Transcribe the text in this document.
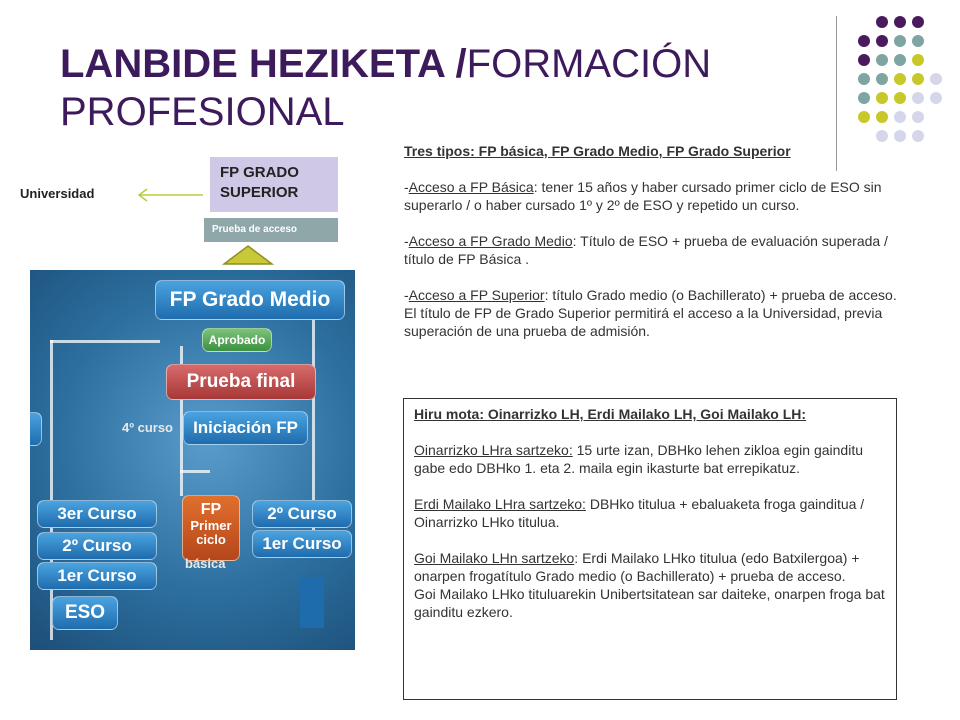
LANBIDE HEZIKETA /FORMACIÓN PROFESIONAL
Universidad
FP GRADO SUPERIOR
Prueba de acceso
FP Grado Medio
Aprobado
Prueba final
Iniciación FP
FP
Primer
ciclo
3er Curso
2º Curso
1er Curso
2º Curso
1er Curso
ESO
4º curso
básica

Tres tipos: FP básica, FP Grado Medio, FP Grado Superior

-Acceso a FP Básica: tener 15 años y haber cursado primer ciclo de ESO sin superarlo / o haber cursado 1º y 2º de ESO y repetido un curso.

-Acceso a FP Grado Medio: Título de ESO + prueba de evaluación superada / título de FP Básica .

-Acceso a FP Superior: título Grado medio (o Bachillerato) + prueba de acceso.

El título de FP de Grado Superior permitirá el acceso a la Universidad, previa superación de una prueba de admisión.

Hiru mota: Oinarrizko LH, Erdi Mailako LH, Goi Mailako LH:

Oinarrizko LHra sartzeko: 15 urte izan, DBHko lehen zikloa egin gainditu gabe edo DBHko 1. eta 2. maila egin ikasturte bat errepikatuz.

Erdi Mailako LHra sartzeko: DBHko titulua + ebaluaketa froga gainditua / Oinarrizko LHko titulua.

Goi Mailako LHn sartzeko: Erdi Mailako LHko titulua (edo Batxilergoa) + onarpen frogatítulo Grado medio (o Bachillerato) + prueba de acceso.

Goi Mailako LHko tituluarekin Unibertsitatean sar daiteke, onarpen froga bat gainditu ezkero.
